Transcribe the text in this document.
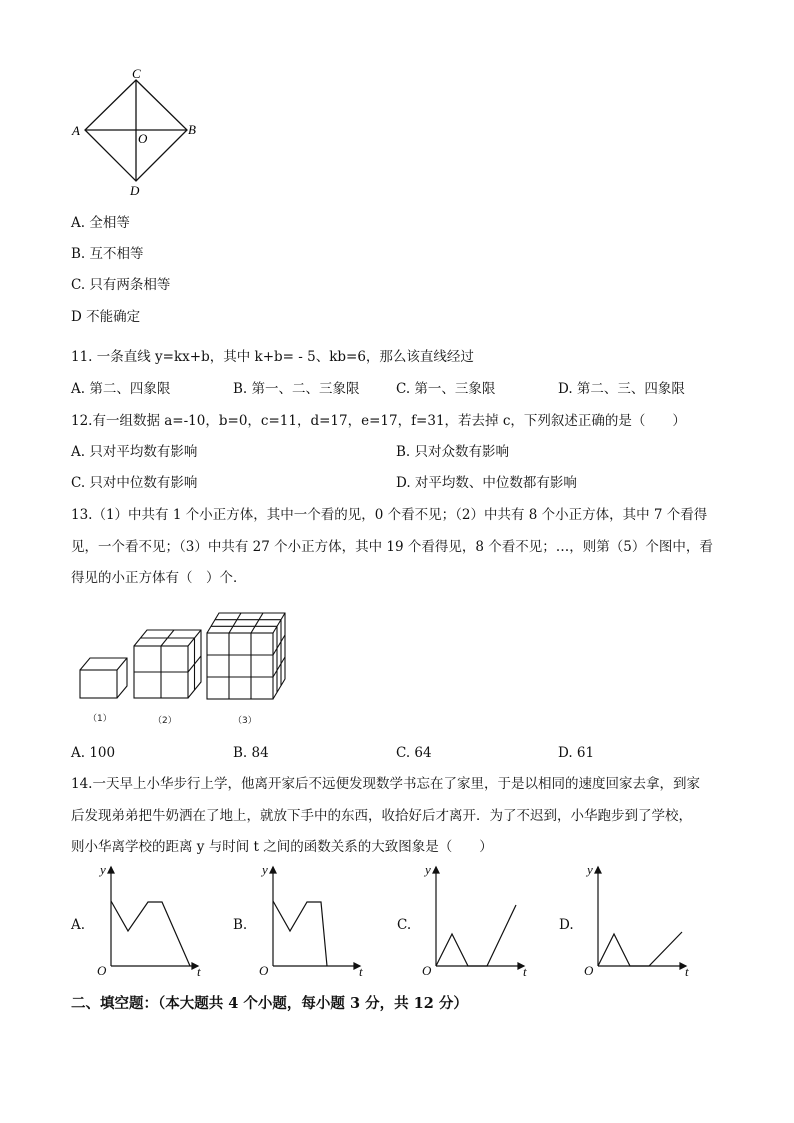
C
A
O
B
D
A. 全相等
B. 互不相等
C. 只有两条相等
D 不能确定
11. 一条直线 y=kx+b，其中 k+b= - 5、kb=6，那么该直线经过
A. 第二、四象限	B. 第一、二、三象限	C. 第一、三象限	D. 第二、三、四象限
12.有一组数据 a=-10，b=0，c=11，d=17，e=17，f=31，若去掉 c，下列叙述正确的是（　　）
A. 只对平均数有影响	B. 只对众数有影响
C. 只对中位数有影响	D. 对平均数、中位数都有影响
13.（1）中共有 1 个小正方体，其中一个看的见，0 个看不见；（2）中共有 8 个小正方体，其中 7 个看得
见，一个看不见；（3）中共有 27 个小正方体，其中 19 个看得见，8 个看不见；…，则第（5）个图中，看
得见的小正方体有（　）个．
（1）	（2）	（3）
A. 100	B. 84	C. 64	D. 61
14.一天早上小华步行上学，他离开家后不远便发现数学书忘在了家里，于是以相同的速度回家去拿，到家
后发现弟弟把牛奶洒在了地上，就放下手中的东西，收拾好后才离开．为了不迟到，小华跑步到了学校，
则小华离学校的距离 y 与时间 t 之间的函数关系的大致图象是（　　）
A.
y
t
O
B.
y
t
O
C.
y
t
O
D.
y
t
O
二、填空题：（本大题共 4 个小题，每小题 3 分，共 12 分）
